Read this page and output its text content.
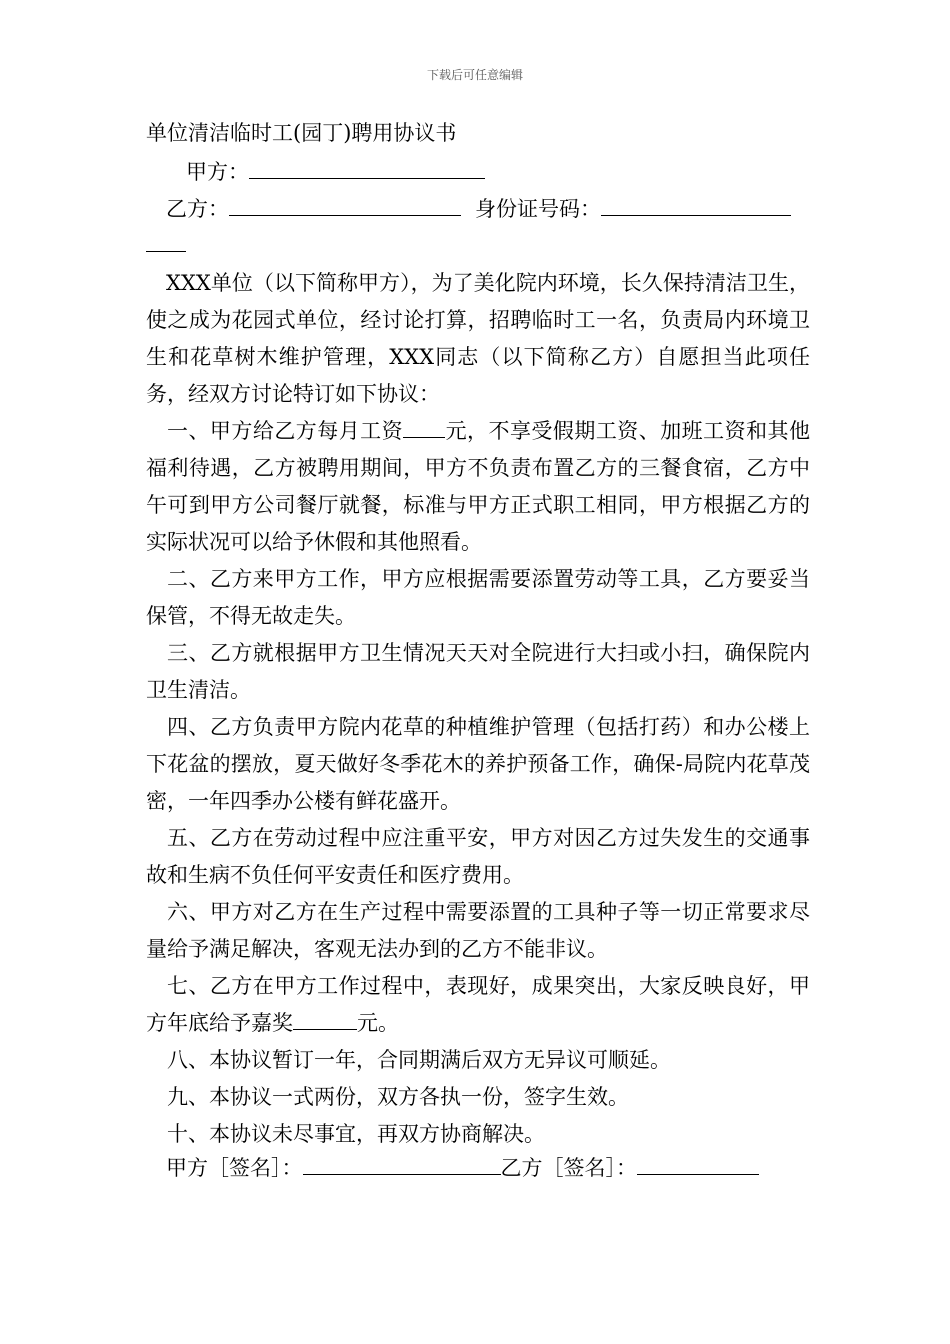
下载后可任意编辑
单位清洁临时工(园丁)聘用协议书
甲方：
乙方：	身份证号码：
XXX单位（以下简称甲方），为了美化院内环境，长久保持清洁卫生，使之成为花园式单位，经讨论打算，招聘临时工一名，负责局内环境卫生和花草树木维护管理，XXX同志（以下简称乙方）自愿担当此项任务，经双方讨论特订如下协议：
一、甲方给乙方每月工资 元，不享受假期工资、加班工资和其他福利待遇，乙方被聘用期间，甲方不负责布置乙方的三餐食宿，乙方中午可到甲方公司餐厅就餐，标准与甲方正式职工相同，甲方根据乙方的实际状况可以给予休假和其他照看。
二、乙方来甲方工作，甲方应根据需要添置劳动等工具，乙方要妥当保管，不得无故走失。
三、乙方就根据甲方卫生情况天天对全院进行大扫或小扫，确保院内卫生清洁。
四、乙方负责甲方院内花草的种植维护管理（包括打药）和办公楼上下花盆的摆放，夏天做好冬季花木的养护预备工作，确保-局院内花草茂密，一年四季办公楼有鲜花盛开。
五、乙方在劳动过程中应注重平安，甲方对因乙方过失发生的交通事故和生病不负任何平安责任和医疗费用。
六、甲方对乙方在生产过程中需要添置的工具种子等一切正常要求尽量给予满足解决，客观无法办到的乙方不能非议。
七、乙方在甲方工作过程中，表现好，成果突出，大家反映良好，甲方年底给予嘉奖	元。
八、本协议暂订一年，合同期满后双方无异议可顺延。
九、本协议一式两份，双方各执一份，签字生效。
十、本协议未尽事宜，再双方协商解决。
甲方［签名］：	乙方［签名］：
